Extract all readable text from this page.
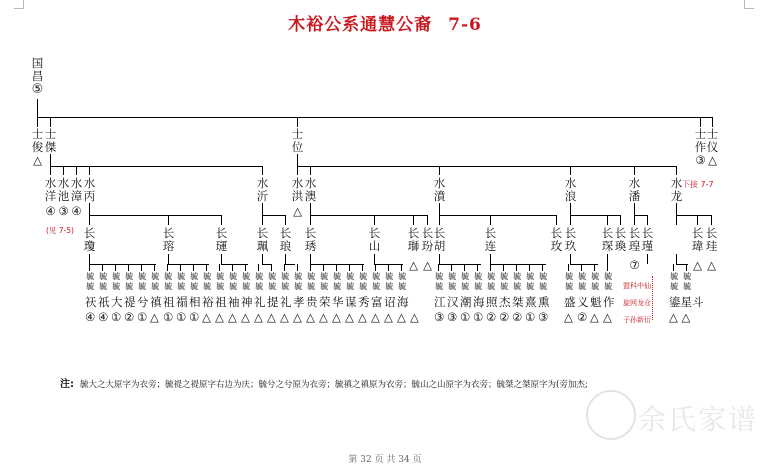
木裕公系通慧公裔 7-6
国昌
⑤
士俊
△
士傑
士位
士作
③
士仪
△
下接 7-7
水洋
水池
水漳
水丙
④ ③ ④
(见 7-5)
水沂
水洪
△
水澳
水濆
水浪
水潘
水龙
长瓊
长瑢
长璭
长珮
长琅
长琇
长山
长瑡
长玢
长胡
长连
长玫
长玖
长琛
长瑍
长瑝
长瑾
长瑋
长珪
△ △	⑦	△ △
毓毓
毓毓
毓毓
毓毓
毓毓
毓毓
毓毓
毓毓
毓毓
毓毓
毓毓
毓毓
毓毓
毓毓
毓毓
毓毓
毓毓
毓毓
毓毓
毓毓
毓毓
毓毓
毓毓
毓毓
毓毓
祆 祇 大 禔 兮 禛 祖 禢 相 裕 祖 袖 神 礼 提 礼 孝 贵 荣 华 谋 秀 富 诏 海
④ ④ ① ② ① △ ① ① ① △ △ △ △ △ △ △ △ △ △ △ △ △ △ △ △ △
毓毓
毓毓
毓毓
毓毓
毓毓
毓毓
毓毓
毓毓
毓毓
江 汉 潮 海 照 杰 桀 熹 熏
③ ③ ① ① ② ② ② ① ③
毓毓
毓毓
毓毓
毓毓
盛 义 魁 作
△ ② △ △
毓毓
毓毓
鎏星斗
△ △
盟科中仙
旋网龙仓
子孙新衍
注: 毓大之大原字为衣旁；毓禔之禔原字右边为庆；毓兮之兮原为衣旁；毓禛之禛原为衣旁；毓山之山原字为衣旁；毓桀之桀原字为(旁加杰;
第 32 页 共 34 页
余氏家谱
